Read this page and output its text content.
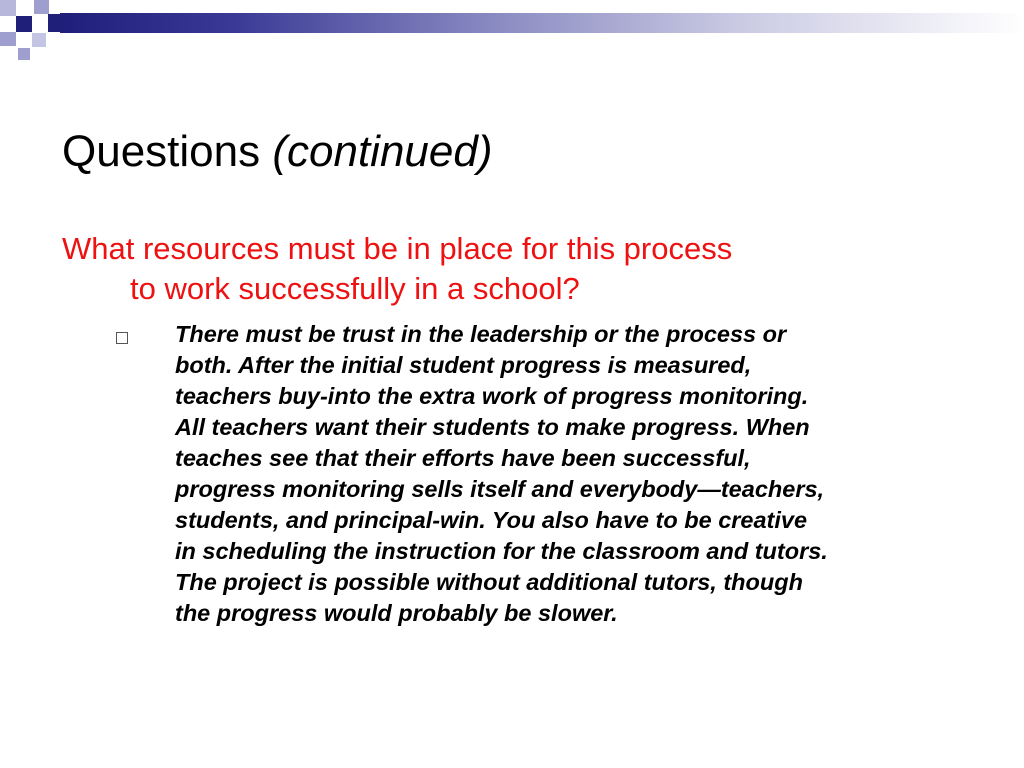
Questions (continued)

What resources must be in place for this process
to work successfully in a school?

There must be trust in the leadership or the process or
both. After the initial student progress is measured,
teachers buy-into the extra work of progress monitoring.
All teachers want their students to make progress. When
teaches see that their efforts have been successful,
progress monitoring sells itself and everybody—teachers,
students, and principal-win. You also have to be creative
in scheduling the instruction for the classroom and tutors.
The project is possible without additional tutors, though
the progress would probably be slower.
